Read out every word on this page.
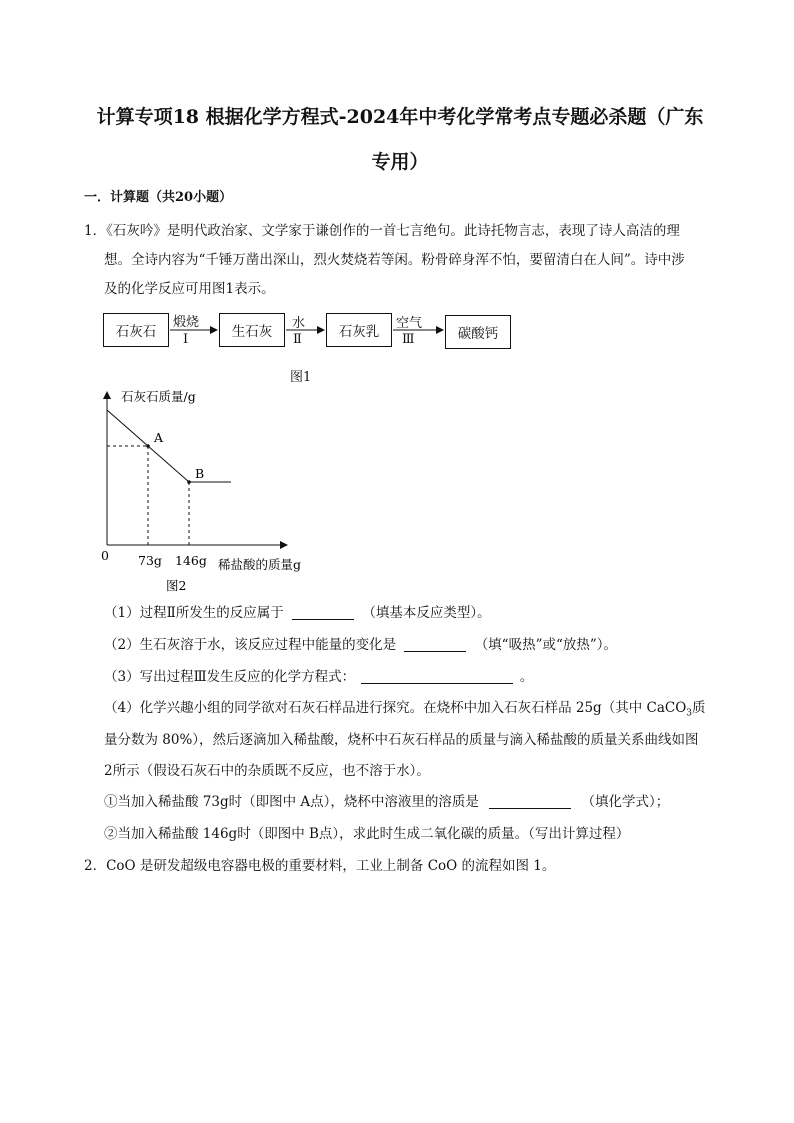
计算专项18 根据化学方程式-2024年中考化学常考点专题必杀题（广东
专用）
一．计算题（共20小题）
1．《石灰吟》是明代政治家、文学家于谦创作的一首七言绝句。此诗托物言志，表现了诗人高洁的理
想。全诗内容为“千锤万凿出深山，烈火焚烧若等闲。粉骨碎身浑不怕，要留清白在人间”。诗中涉
及的化学反应可用图1表示。
石灰石	生石灰	石灰乳	碳酸钙
煅烧
Ⅰ
水
Ⅱ
空气
Ⅲ
图1
石灰石质量/g
稀盐酸的质量g
0
A
B
73g 146g
图2
（1）过程Ⅱ所发生的反应属于	（填基本反应类型）。
（2）生石灰溶于水，该反应过程中能量的变化是	（填“吸热”或“放热”）。
（3）写出过程Ⅲ发生反应的化学方程式：	。
（4）化学兴趣小组的同学欲对石灰石样品进行探究。在烧杯中加入石灰石样品 25g（其中 CaCO$_3$质
量分数为 80%），然后逐滴加入稀盐酸，烧杯中石灰石样品的质量与滴入稀盐酸的质量关系曲线如图
2所示（假设石灰石中的杂质既不反应，也不溶于水）。
①当加入稀盐酸 73g时（即图中 A点），烧杯中溶液里的溶质是	（填化学式）；
②当加入稀盐酸 146g时（即图中 B点），求此时生成二氧化碳的质量。（写出计算过程）
2．CoO 是研发超级电容器电极的重要材料，工业上制备 CoO 的流程如图 1。
